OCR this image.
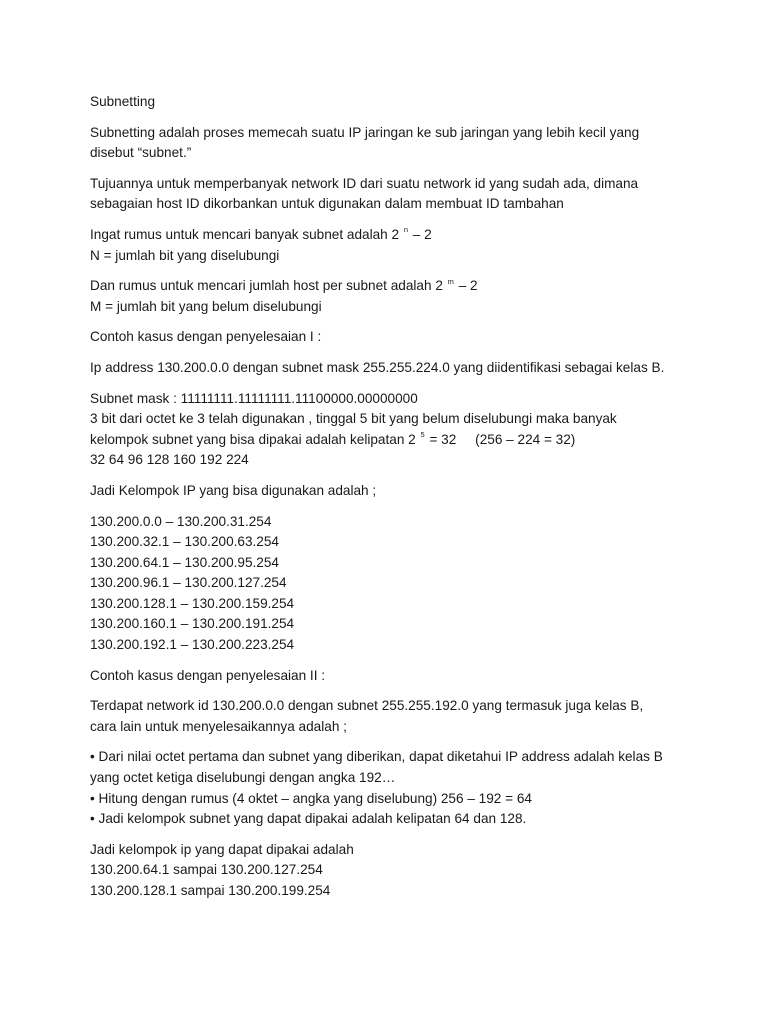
Subnetting

Subnetting adalah proses memecah suatu IP jaringan ke sub jaringan yang lebih kecil yang
disebut “subnet.”

Tujuannya untuk memperbanyak network ID dari suatu network id yang sudah ada, dimana
sebagaian host ID dikorbankan untuk digunakan dalam membuat ID tambahan

Ingat rumus untuk mencari banyak subnet adalah 2 $^n$ – 2
N = jumlah bit yang diselubungi

Dan rumus untuk mencari jumlah host per subnet adalah 2 $^m$ – 2
M = jumlah bit yang belum diselubungi

Contoh kasus dengan penyelesaian I :

Ip address 130.200.0.0 dengan subnet mask 255.255.224.0 yang diidentifikasi sebagai kelas B.

Subnet mask : 11111111.11111111.11100000.00000000
3 bit dari octet ke 3 telah digunakan , tinggal 5 bit yang belum diselubungi maka banyak
kelompok subnet yang bisa dipakai adalah kelipatan 2 $^5$ = 32     (256 – 224 = 32)
32 64 96 128 160 192 224

Jadi Kelompok IP yang bisa digunakan adalah ;

130.200.0.0 – 130.200.31.254
130.200.32.1 – 130.200.63.254
130.200.64.1 – 130.200.95.254
130.200.96.1 – 130.200.127.254
130.200.128.1 – 130.200.159.254
130.200.160.1 – 130.200.191.254
130.200.192.1 – 130.200.223.254

Contoh kasus dengan penyelesaian II :

Terdapat network id 130.200.0.0 dengan subnet 255.255.192.0 yang termasuk juga kelas B,
cara lain untuk menyelesaikannya adalah ;

• Dari nilai octet pertama dan subnet yang diberikan, dapat diketahui IP address adalah kelas B
yang octet ketiga diselubungi dengan angka 192…
• Hitung dengan rumus (4 oktet – angka yang diselubung) 256 – 192 = 64
• Jadi kelompok subnet yang dapat dipakai adalah kelipatan 64 dan 128.

Jadi kelompok ip yang dapat dipakai adalah
130.200.64.1 sampai 130.200.127.254
130.200.128.1 sampai 130.200.199.254
